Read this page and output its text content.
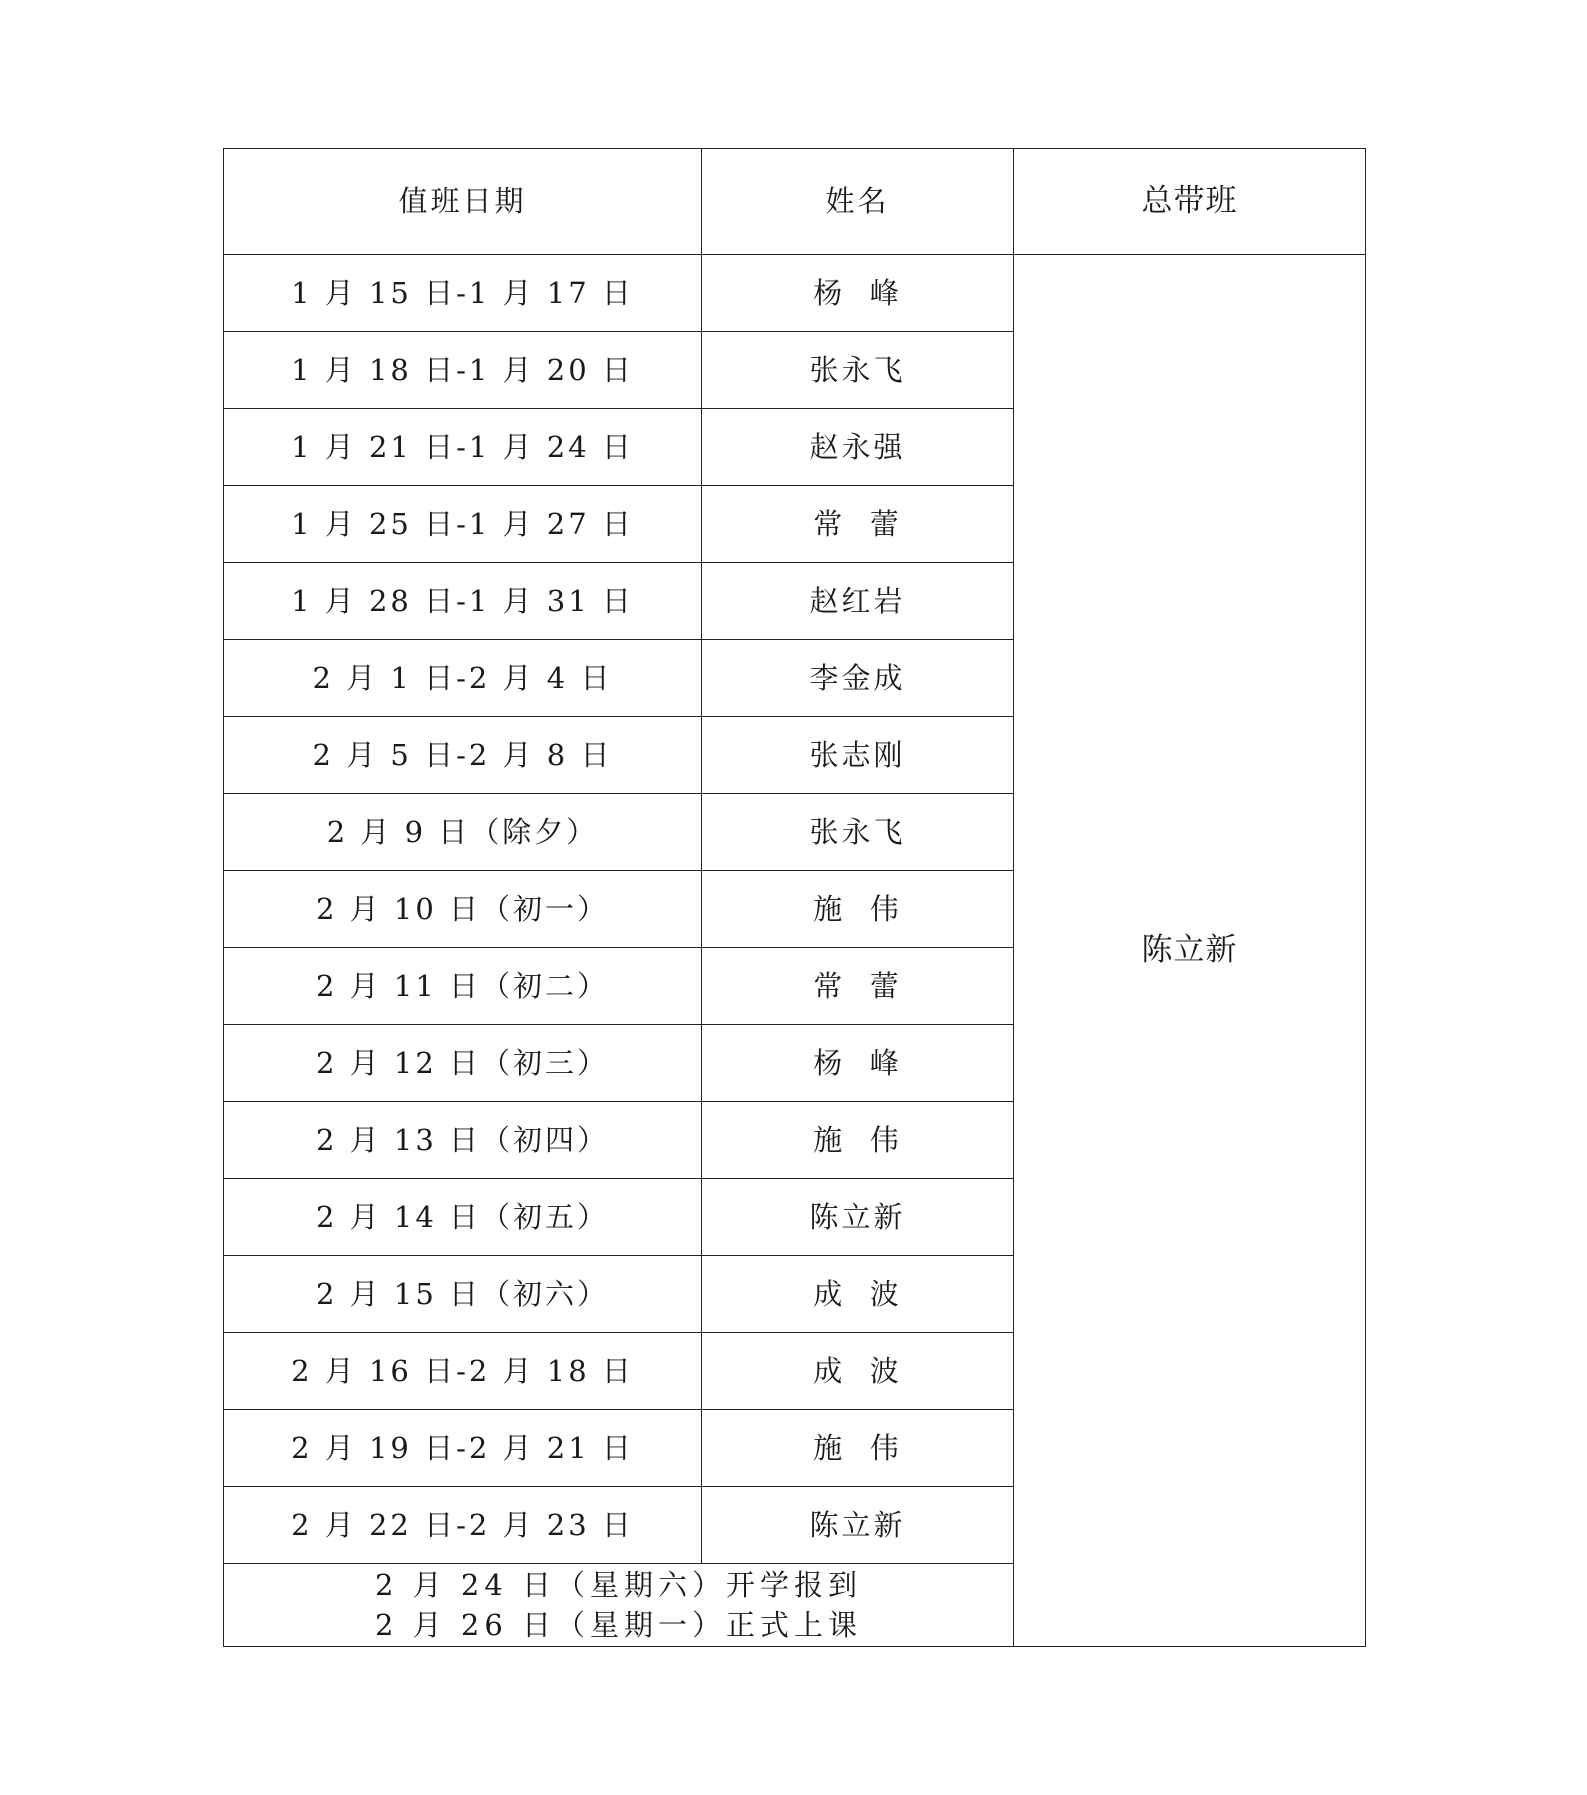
值班日期	姓名	总带班
1 月 15 日-1 月 17 日	杨  峰	陈立新
1 月 18 日-1 月 20 日	张永飞	
1 月 21 日-1 月 24 日	赵永强	
1 月 25 日-1 月 27 日	常  蕾	
1 月 28 日-1 月 31 日	赵红岩	
2 月 1 日-2 月 4 日	李金成	
2 月 5 日-2 月 8 日	张志刚	
2 月 9 日（除夕）	张永飞	
2 月 10 日（初一）	施  伟	
2 月 11 日（初二）	常  蕾	
2 月 12 日（初三）	杨  峰	
2 月 13 日（初四）	施  伟	
2 月 14 日（初五）	陈立新	
2 月 15 日（初六）	成  波	
2 月 16 日-2 月 18 日	成  波	
2 月 19 日-2 月 21 日	施  伟	
2 月 22 日-2 月 23 日	陈立新	

2 月 24 日（星期六）开学报到
2 月 26 日（星期一）正式上课		
